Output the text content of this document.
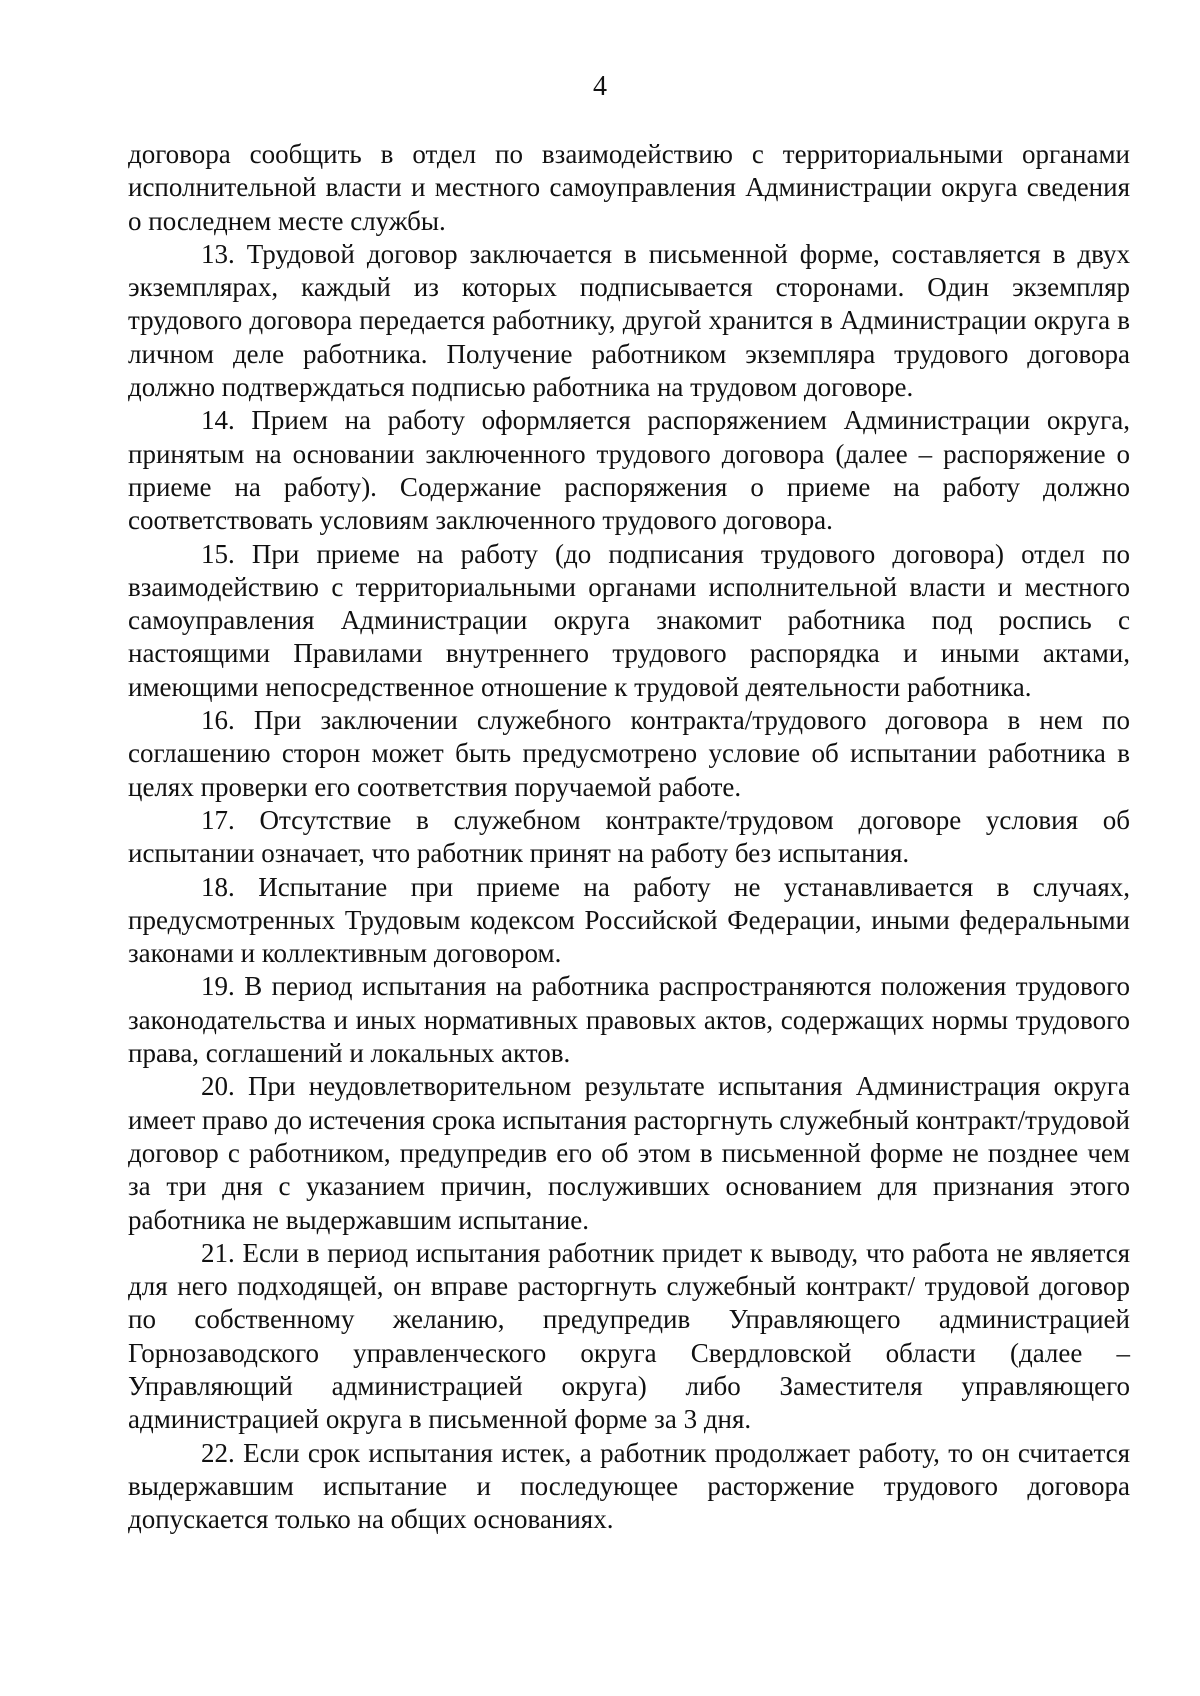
4

договора сообщить в отдел по взаимодействию с территориальными органами исполнительной власти и местного самоуправления Администрации округа сведения о последнем месте службы.

13. Трудовой договор заключается в письменной форме, составляется в двух экземплярах, каждый из которых подписывается сторонами. Один экземпляр трудового договора передается работнику, другой хранится в Администрации округа в личном деле работника. Получение работником экземпляра трудового договора должно подтверждаться подписью работника на трудовом договоре.

14. Прием на работу оформляется распоряжением Администрации округа, принятым на основании заключенного трудового договора (далее – распоряжение о приеме на работу). Содержание распоряжения о приеме на работу должно соответствовать условиям заключенного трудового договора.

15. При приеме на работу (до подписания трудового договора) отдел по взаимодействию с территориальными органами исполнительной власти и местного самоуправления Администрации округа знакомит работника под роспись с настоящими Правилами внутреннего трудового распорядка и иными актами, имеющими непосредственное отношение к трудовой деятельности работника.

16. При заключении служебного контракта/трудового договора в нем по соглашению сторон может быть предусмотрено условие об испытании работника в целях проверки его соответствия поручаемой работе.

17. Отсутствие в служебном контракте/трудовом договоре условия об испытании означает, что работник принят на работу без испытания.

18. Испытание при приеме на работу не устанавливается в случаях, предусмотренных Трудовым кодексом Российской Федерации, иными федеральными законами и коллективным договором.

19. В период испытания на работника распространяются положения трудового законодательства и иных нормативных правовых актов, содержащих нормы трудового права, соглашений и локальных актов.

20. При неудовлетворительном результате испытания Администрация округа имеет право до истечения срока испытания расторгнуть служебный контракт/трудовой договор с работником, предупредив его об этом в письменной форме не позднее чем за три дня с указанием причин, послуживших основанием для признания этого работника не выдержавшим испытание.

21. Если в период испытания работник придет к выводу, что работа не является для него подходящей, он вправе расторгнуть служебный контракт/ трудовой договор по собственному желанию, предупредив Управляющего администрацией Горнозаводского управленческого округа Свердловской области (далее – Управляющий администрацией округа) либо Заместителя управляющего администрацией округа в письменной форме за 3 дня.

22. Если срок испытания истек, а работник продолжает работу, то он считается выдержавшим испытание и последующее расторжение трудового договора допускается только на общих основаниях.
